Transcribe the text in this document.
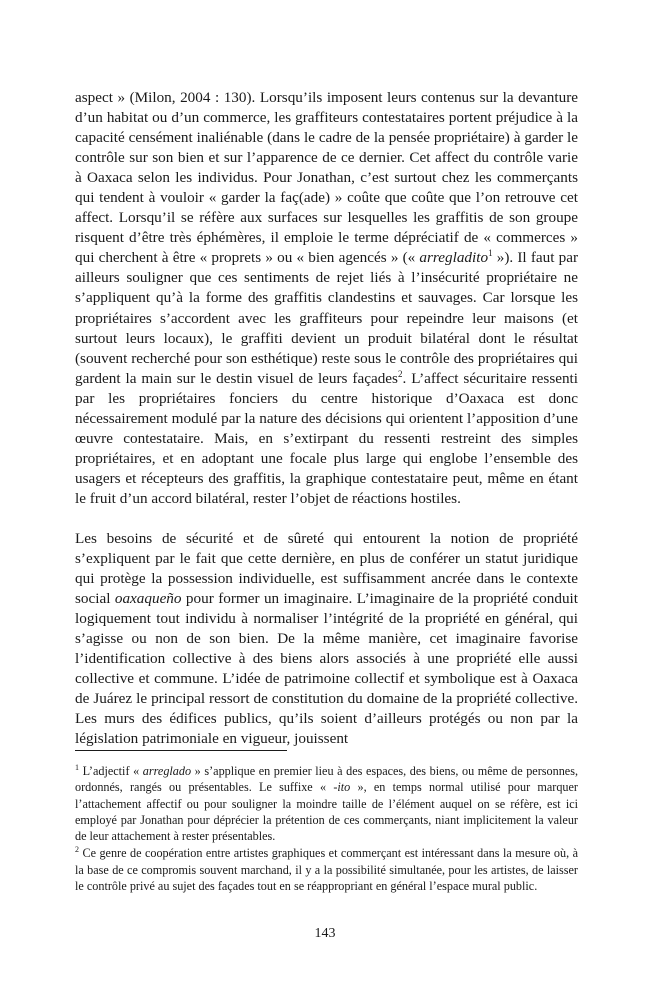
aspect » (Milon, 2004 : 130). Lorsqu’ils imposent leurs contenus sur la devanture d’un habitat ou d’un commerce, les graffiteurs contestataires portent préjudice à la capacité censément inaliénable (dans le cadre de la pensée propriétaire) à garder le contrôle sur son bien et sur l’apparence de ce dernier. Cet affect du contrôle varie à Oaxaca selon les individus. Pour Jonathan, c’est surtout chez les commerçants qui tendent à vouloir « garder la faç(ade) » coûte que coûte que l’on retrouve cet affect. Lorsqu’il se réfère aux surfaces sur lesquelles les graffitis de son groupe risquent d’être très éphémères, il emploie le terme dépréciatif de « commerces » qui cherchent à être « proprets » ou « bien agencés » (« arregladito$^1$ »). Il faut par ailleurs souligner que ces sentiments de rejet liés à l’insécurité propriétaire ne s’appliquent qu’à la forme des graffitis clandestins et sauvages. Car lorsque les propriétaires s’accordent avec les graffiteurs pour repeindre leur maisons (et surtout leurs locaux), le graffiti devient un produit bilatéral dont le résultat (souvent recherché pour son esthétique) reste sous le contrôle des propriétaires qui gardent la main sur le destin visuel de leurs façades$^2$. L’affect sécuritaire ressenti par les propriétaires fonciers du centre historique d’Oaxaca est donc nécessairement modulé par la nature des décisions qui orientent l’apposition d’une œuvre contestataire. Mais, en s’extirpant du ressenti restreint des simples propriétaires, et en adoptant une focale plus large qui englobe l’ensemble des usagers et récepteurs des graffitis, la graphique contestataire peut, même en étant le fruit d’un accord bilatéral, rester l’objet de réactions hostiles.

Les besoins de sécurité et de sûreté qui entourent la notion de propriété s’expliquent par le fait que cette dernière, en plus de conférer un statut juridique qui protège la possession individuelle, est suffisamment ancrée dans le contexte social oaxaqueño pour former un imaginaire. L’imaginaire de la propriété conduit logiquement tout individu à normaliser l’intégrité de la propriété en général, qui s’agisse ou non de son bien. De la même manière, cet imaginaire favorise l’identification collective à des biens alors associés à une propriété elle aussi collective et commune. L’idée de patrimoine collectif et symbolique est à Oaxaca de Juárez le principal ressort de constitution du domaine de la propriété collective. Les murs des édifices publics, qu’ils soient d’ailleurs protégés ou non par la législation patrimoniale en vigueur, jouissent

$^1$ L’adjectif « arreglado » s’applique en premier lieu à des espaces, des biens, ou même de personnes, ordonnés, rangés ou présentables. Le suffixe « -ito », en temps normal utilisé pour marquer l’attachement affectif ou pour souligner la moindre taille de l’élément auquel on se réfère, est ici employé par Jonathan pour déprécier la prétention de ces commerçants, niant implicitement la valeur de leur attachement à rester présentables.

$^2$ Ce genre de coopération entre artistes graphiques et commerçant est intéressant dans la mesure où, à la base de ce compromis souvent marchand, il y a la possibilité simultanée, pour les artistes, de laisser le contrôle privé au sujet des façades tout en se réappropriant en général l’espace mural public.

143
